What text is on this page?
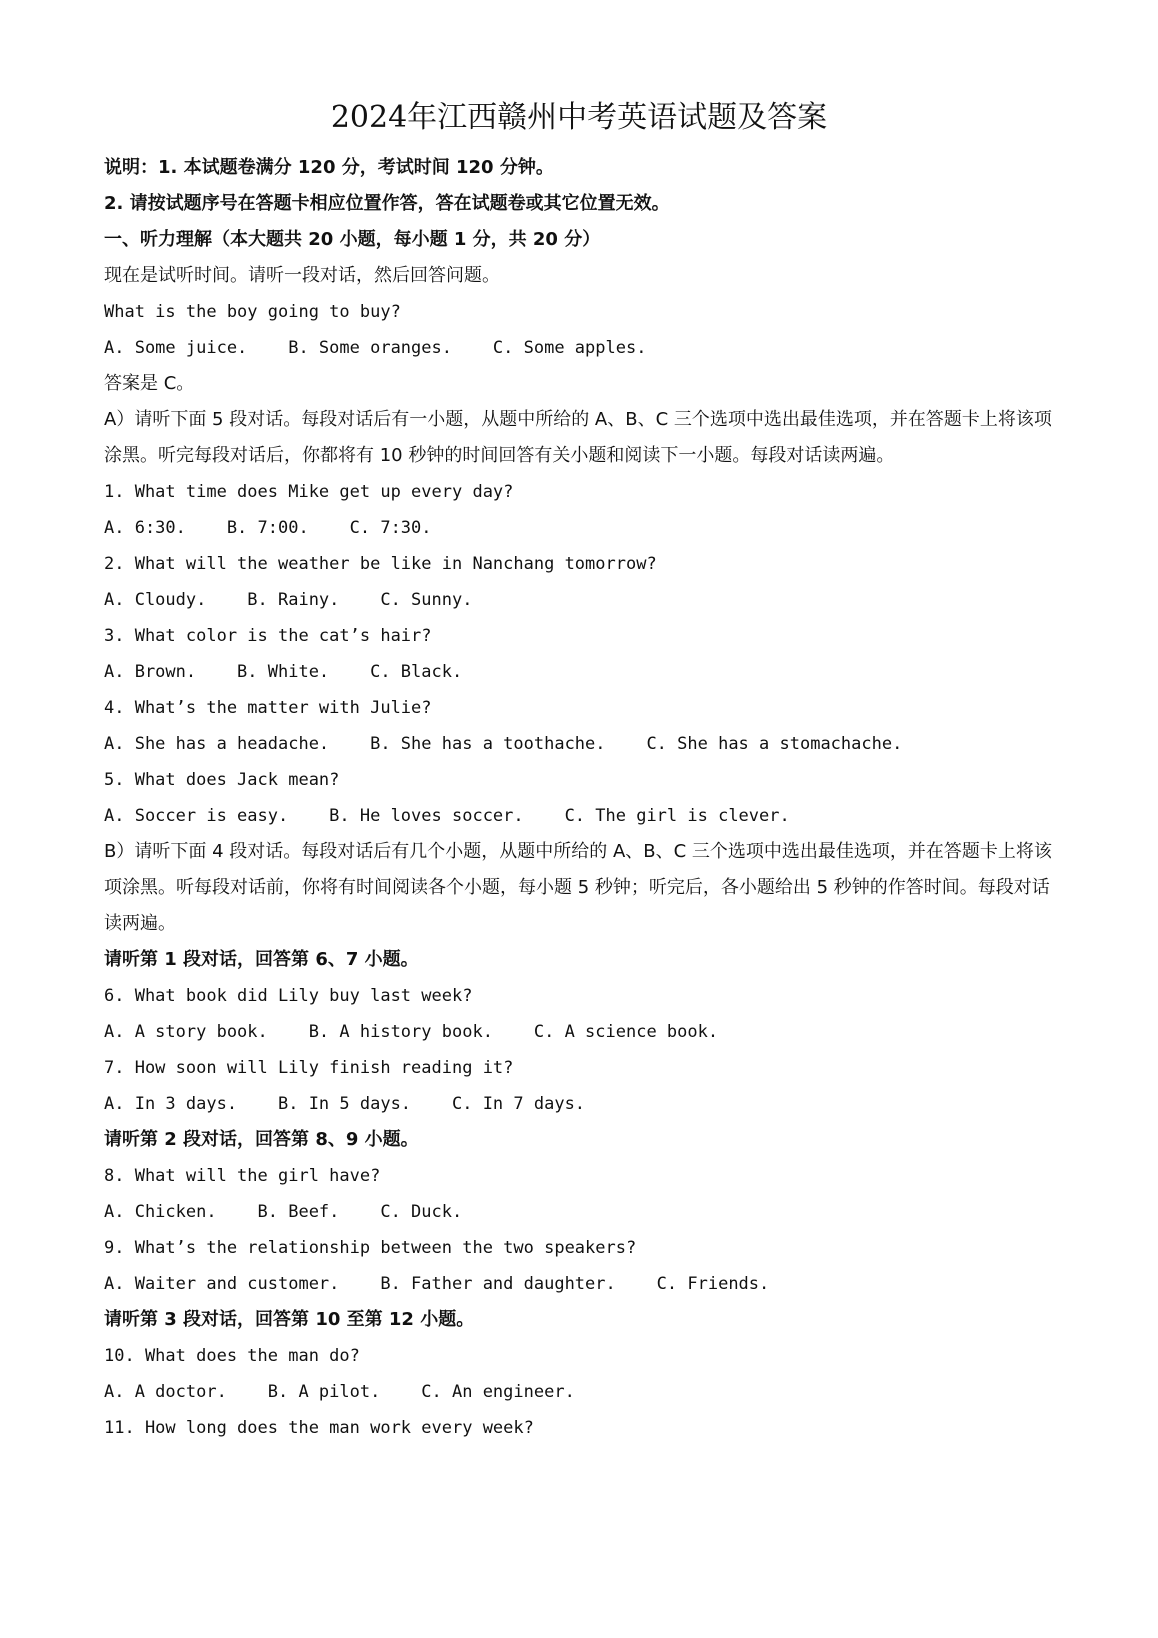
2024年江西赣州中考英语试题及答案
说明：1. 本试题卷满分 120 分，考试时间 120 分钟。
2. 请按试题序号在答题卡相应位置作答，答在试题卷或其它位置无效。
一、听力理解（本大题共 20 小题，每小题 1 分，共 20 分）
现在是试听时间。请听一段对话，然后回答问题。
What is the boy going to buy?
A. Some juice.    B. Some oranges.    C. Some apples.
答案是 C。

A）请听下面 5 段对话。每段对话后有一小题，从题中所给的 A、B、C 三个选项中选出最佳选项，并在答题卡上将该项涂黑。听完每段对话后，你都将有 10 秒钟的时间回答有关小题和阅读下一小题。每段对话读两遍。

1. What time does Mike get up every day?
A. 6:30.    B. 7:00.    C. 7:30.
2. What will the weather be like in Nanchang tomorrow?
A. Cloudy.    B. Rainy.    C. Sunny.
3. What color is the cat’s hair?
A. Brown.    B. White.    C. Black.
4. What’s the matter with Julie?
A. She has a headache.    B. She has a toothache.    C. She has a stomachache.
5. What does Jack mean?
A. Soccer is easy.    B. He loves soccer.    C. The girl is clever.

B）请听下面 4 段对话。每段对话后有几个小题，从题中所给的 A、B、C 三个选项中选出最佳选项，并在答题卡上将该项涂黑。听每段对话前，你将有时间阅读各个小题，每小题 5 秒钟；听完后，各小题给出 5 秒钟的作答时间。每段对话读两遍。

请听第 1 段对话，回答第 6、7 小题。
6. What book did Lily buy last week?
A. A story book.    B. A history book.    C. A science book.
7. How soon will Lily finish reading it?
A. In 3 days.    B. In 5 days.    C. In 7 days.
请听第 2 段对话，回答第 8、9 小题。
8. What will the girl have?
A. Chicken.    B. Beef.    C. Duck.
9. What’s the relationship between the two speakers?
A. Waiter and customer.    B. Father and daughter.    C. Friends.
请听第 3 段对话，回答第 10 至第 12 小题。
10. What does the man do?
A. A doctor.    B. A pilot.    C. An engineer.
11. How long does the man work every week?
